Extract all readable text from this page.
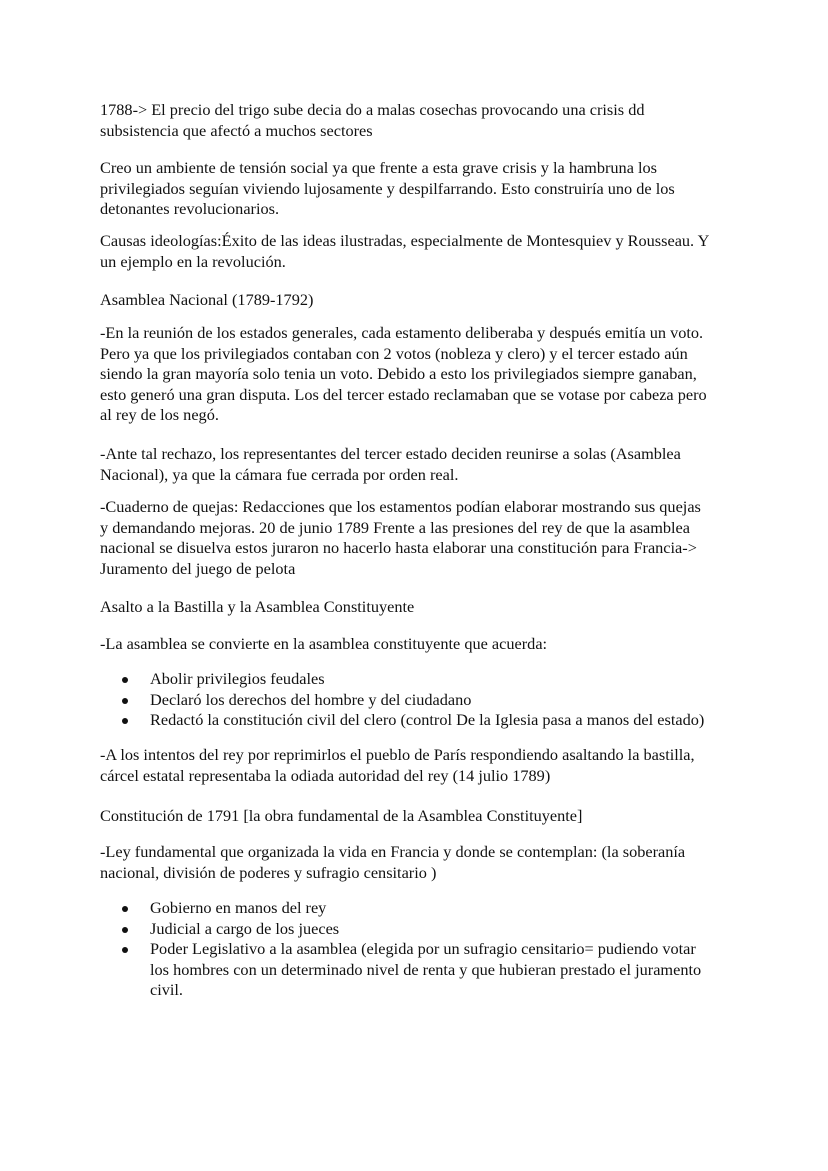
1788-> El precio del trigo sube decia do a malas cosechas provocando una crisis dd
subsistencia que afectó a muchos sectores
Creo un ambiente de tensión social ya que frente a esta grave crisis y la hambruna los
privilegiados seguían viviendo lujosamente y despilfarrando. Esto construiría uno de los
detonantes revolucionarios.
Causas ideologías:Éxito de las ideas ilustradas, especialmente de Montesquiev y Rousseau. Y
un ejemplo en la revolución.
Asamblea Nacional (1789-1792)
-En la reunión de los estados generales, cada estamento deliberaba y después emitía un voto.
Pero ya que los privilegiados contaban con 2 votos (nobleza y clero) y el tercer estado aún
siendo la gran mayoría solo tenia un voto. Debido a esto los privilegiados siempre ganaban,
esto generó una gran disputa. Los del tercer estado reclamaban que se votase por cabeza pero
al rey de los negó.
-Ante tal rechazo, los representantes del tercer estado deciden reunirse a solas (Asamblea
Nacional), ya que la cámara fue cerrada por orden real.
-Cuaderno de quejas: Redacciones que los estamentos podían elaborar mostrando sus quejas
y demandando mejoras. 20 de junio 1789 Frente a las presiones del rey de que la asamblea
nacional se disuelva estos juraron no hacerlo hasta elaborar una constitución para Francia->
Juramento del juego de pelota
Asalto a la Bastilla y la Asamblea Constituyente
-La asamblea se convierte en la asamblea constituyente que acuerda:
Abolir privilegios feudales
Declaró los derechos del hombre y del ciudadano
Redactó la constitución civil del clero (control De la Iglesia pasa a manos del estado)
-A los intentos del rey por reprimirlos el pueblo de París respondiendo asaltando la bastilla,
cárcel estatal representaba la odiada autoridad del rey (14 julio 1789)
Constitución de 1791 [la obra fundamental de la Asamblea Constituyente]
-Ley fundamental que organizada la vida en Francia y donde se contemplan: (la soberanía
nacional, división de poderes y sufragio censitario )
Gobierno en manos del rey
Judicial a cargo de los jueces
Poder Legislativo a la asamblea (elegida por un sufragio censitario= pudiendo votar
los hombres con un determinado nivel de renta y que hubieran prestado el juramento
civil.
